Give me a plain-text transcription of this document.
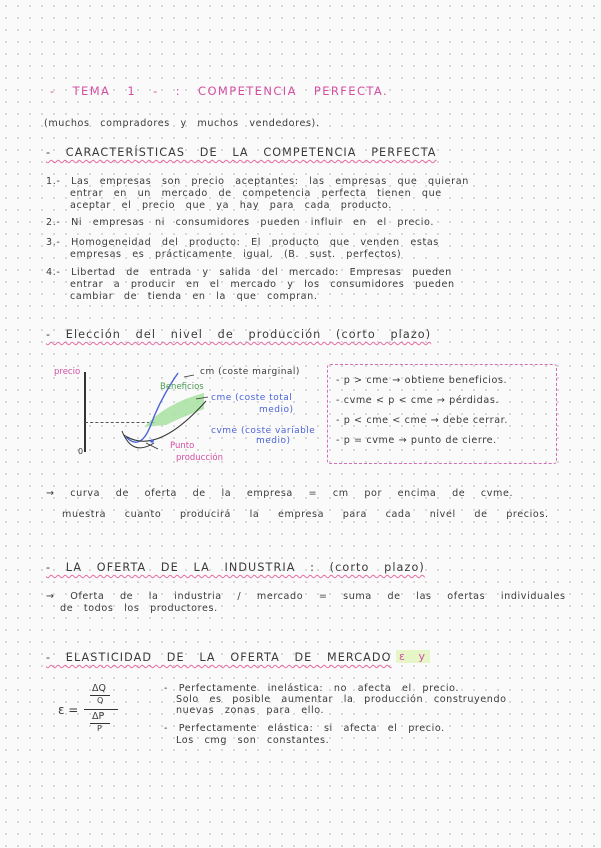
- TEMA 1 - : COMPETENCIA PERFECTA.
(muchos compradores y muchos vendedores).
- CARACTERÍSTICAS DE LA COMPETENCIA PERFECTA
1.- Las empresas son precio aceptantes: las empresas que quieran
entrar en un mercado de competencia perfecta tienen que
aceptar el precio que ya hay para cada producto.
2.- Ni empresas ni consumidores pueden influir en el precio.
3.- Homogeneidad del producto: El producto que venden estas
empresas es prácticamente igual. (B. sust. perfectos)
4.- Libertad de entrada y salida del mercado: Empresas pueden
entrar a producir en el mercado y los consumidores pueden
cambiar de tienda en la que compran.
- Elección del nivel de producción (corto plazo)
precio
0
cm (coste marginal)
Beneficios
cme (coste total
medio)
cvme (coste variable
medio)
Punto
producción
- p > cme → obtiene beneficios.
- cvme < p < cme → pérdidas.
- p < cme < cme → debe cerrar.
- p = cvme → punto de cierre.
→ curva de oferta de la empresa = cm por encima de cvme.
muestra cuanto producirá la empresa para cada nivel de precios.
- LA OFERTA DE LA INDUSTRIA : (corto plazo)
→ Oferta de la industria / mercado = suma de las ofertas individuales
de todos los productores.
- ELASTICIDAD DE LA OFERTA DE MERCADO ε y
ε =
ΔQ
Q
ΔP
P
- Perfectamente inelástica: no afecta el precio.
Solo es posible aumentar la producción construyendo
nuevas zonas para ello.
- Perfectamente elástica: si afecta el precio.
Los cmg son constantes.
